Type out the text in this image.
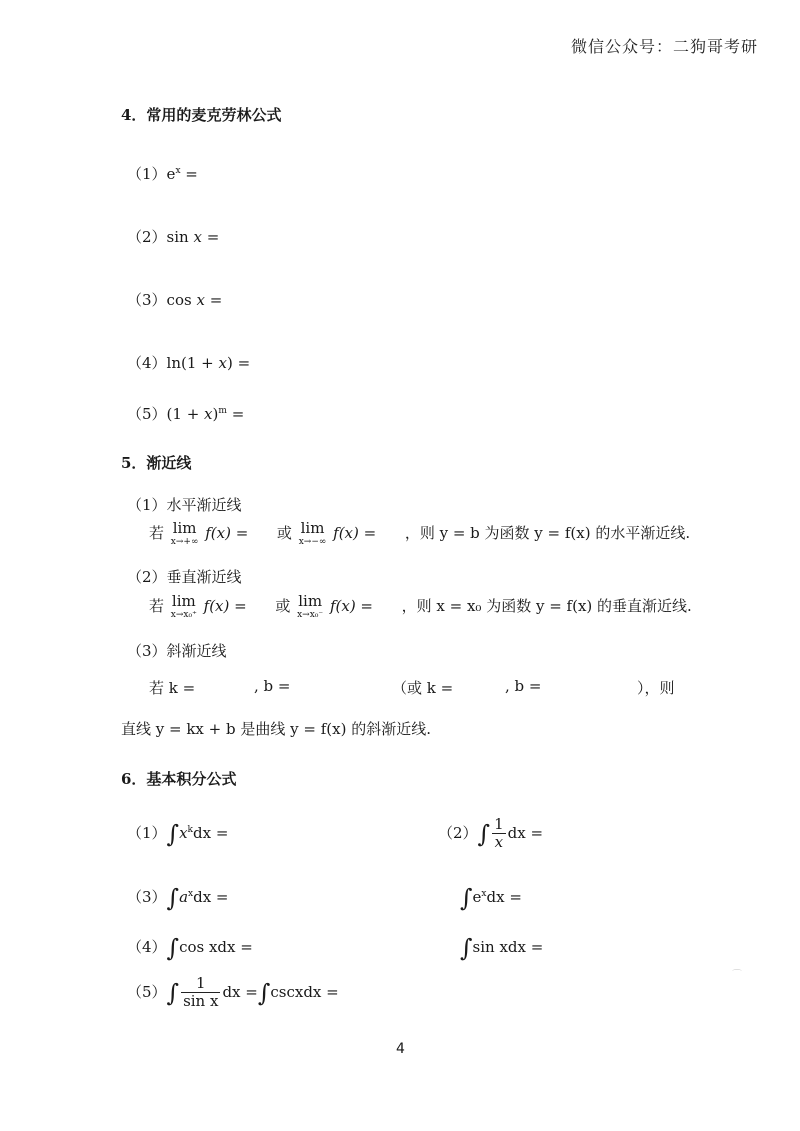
微信公众号：二狗哥考研
4．常用的麦克劳林公式
$(1)e^x$ =
（2）sin x =
（3）cos x =
（4）ln(1 + x) =
$(5)(1 + x)^m$ =
5．渐近线
（1）水平渐近线
若 lim
x→+∞ f(x) = 或 lim
x→−∞ f(x) = ，则 y = b 为函数 y = f(x) 的水平渐近线.
（2）垂直渐近线
若 lim
x→x₀⁺ f(x) = 或 lim
x→x₀⁻ f(x) = ，则 x = x₀ 为函数 y = f(x) 的垂直渐近线.
（3）斜渐近线
若 k =	, b =	（或 k =	, b =	），则
直线 y = kx + b 是曲线 y = f(x) 的斜渐近线.
6．基本积分公式
$(1)\int x^kdx$ =	$(2)\int \frac{1}{x}$ dx =
$(3)\int a^xdx$ =	$\int e^xdx$ =
（4）∫cos xdx =	∫sin xdx =
$(5)\int \frac{1}{\text{sin x}}$ dx =∫cscxdx =
⌒
4
